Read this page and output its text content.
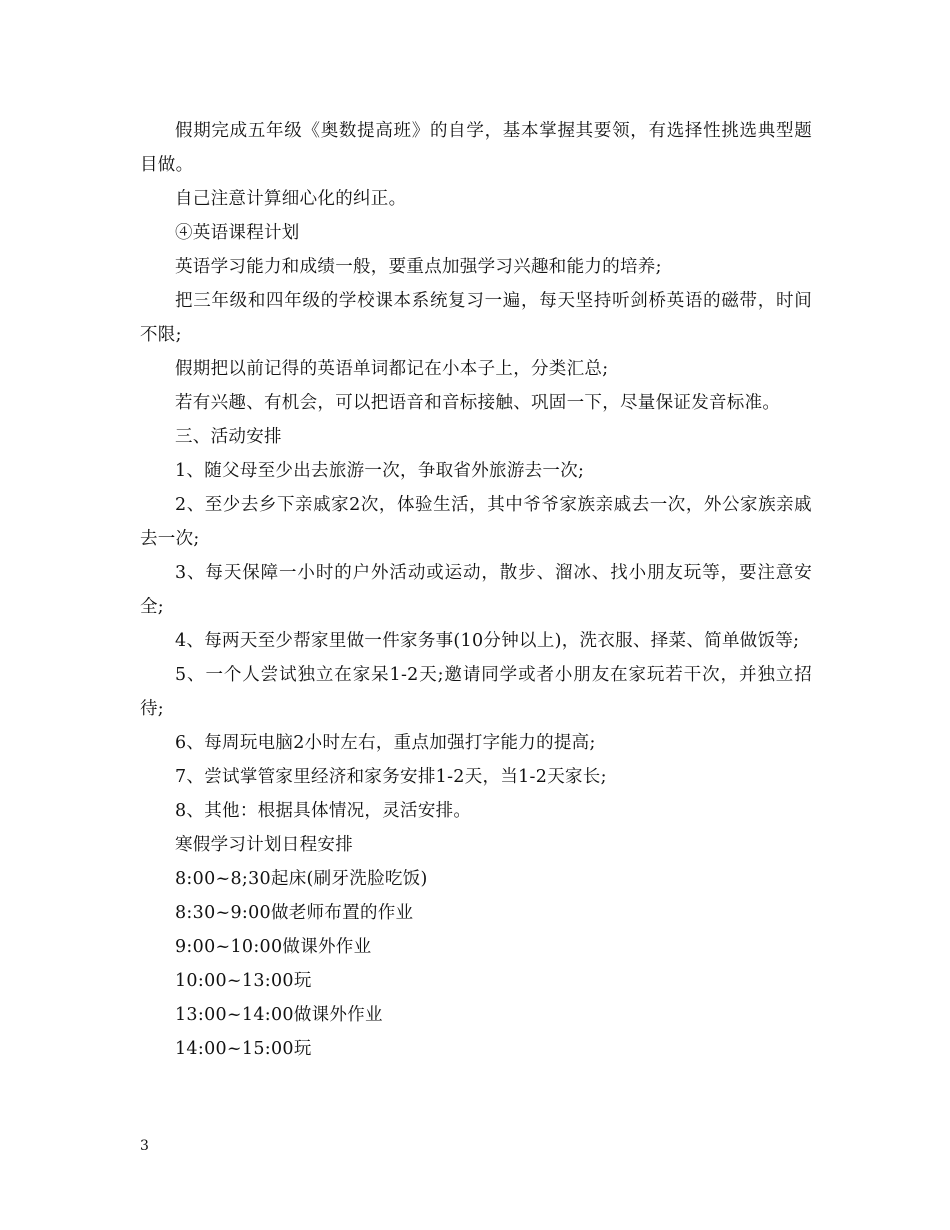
假期完成五年级《奥数提高班》的自学，基本掌握其要领，有选择性挑选典型题目做。

自己注意计算细心化的纠正。

④英语课程计划

英语学习能力和成绩一般，要重点加强学习兴趣和能力的培养;

把三年级和四年级的学校课本系统复习一遍，每天坚持听剑桥英语的磁带，时间不限;

假期把以前记得的英语单词都记在小本子上，分类汇总;

若有兴趣、有机会，可以把语音和音标接触、巩固一下，尽量保证发音标准。

三、活动安排

1、随父母至少出去旅游一次，争取省外旅游去一次;

2、至少去乡下亲戚家2次，体验生活，其中爷爷家族亲戚去一次，外公家族亲戚去一次;

3、每天保障一小时的户外活动或运动，散步、溜冰、找小朋友玩等，要注意安全;

4、每两天至少帮家里做一件家务事(10分钟以上)，洗衣服、择菜、简单做饭等;

5、一个人尝试独立在家呆1-2天;邀请同学或者小朋友在家玩若干次，并独立招待;

6、每周玩电脑2小时左右，重点加强打字能力的提高;

7、尝试掌管家里经济和家务安排1-2天，当1-2天家长;

8、其他：根据具体情况，灵活安排。

寒假学习计划日程安排

8:00~8;30起床(刷牙洗脸吃饭)

8:30~9:00做老师布置的作业

9:00~10:00做课外作业

10:00~13:00玩

13:00~14:00做课外作业

14:00~15:00玩

3
